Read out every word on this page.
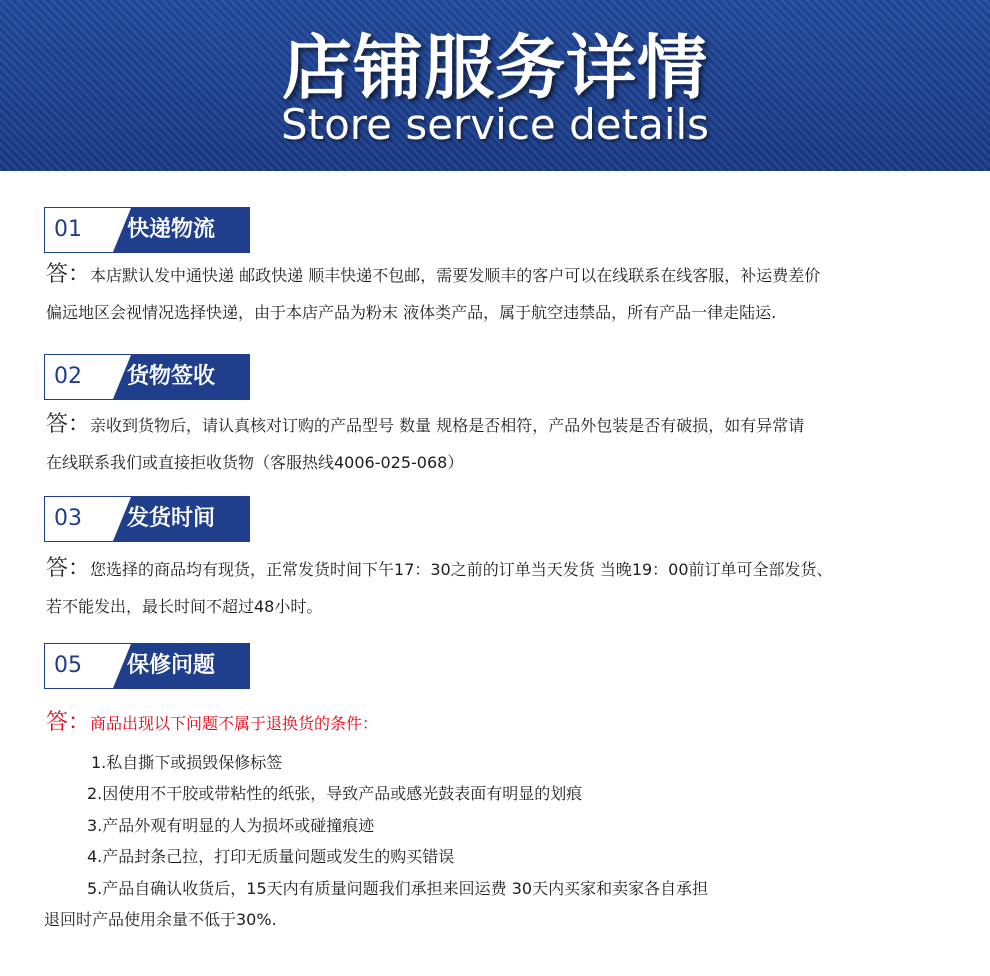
店铺服务详情
Store service details
01 快递物流
答：本店默认发中通快递 邮政快递 顺丰快递不包邮，需要发顺丰的客户可以在线联系在线客服，补运费差价
偏远地区会视情况选择快递，由于本店产品为粉末 液体类产品，属于航空违禁品，所有产品一律走陆运.
02 货物签收
答：亲收到货物后，请认真核对订购的产品型号 数量 规格是否相符，产品外包装是否有破损，如有异常请
在线联系我们或直接拒收货物（客服热线4006-025-068）
03 发货时间
答：您选择的商品均有现货，正常发货时间下午17：30之前的订单当天发货 当晚19：00前订单可全部发货、
若不能发出，最长时间不超过48小时。
05 保修问题
答：商品出现以下问题不属于退换货的条件：
1.私自撕下或损毁保修标签
2.因使用不干胶或带粘性的纸张，导致产品或感光鼓表面有明显的划痕
3.产品外观有明显的人为损坏或碰撞痕迹
4.产品封条己拉，打印无质量问题或发生的购买错误
5.产品自确认收货后，15天内有质量问题我们承担来回运费 30天内买家和卖家各自承担
退回时产品使用余量不低于30%.
